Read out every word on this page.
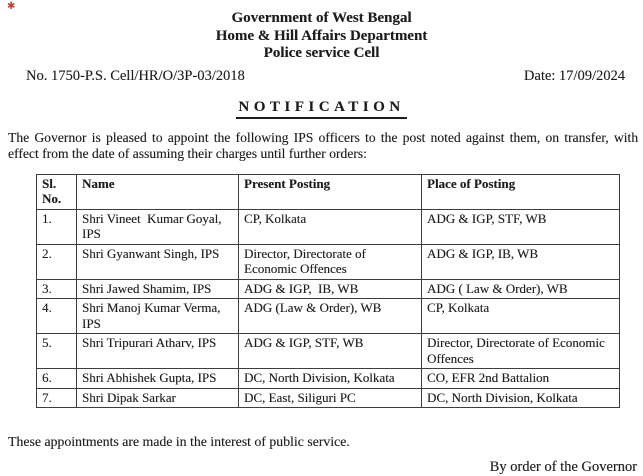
✱
Government of West Bengal
Home & Hill Affairs Department
Police service Cell
No. 1750-P.S. Cell/HR/O/3P-03/2018	Date: 17/09/2024
NOTIFICATION

The Governor is pleased to appoint the following IPS officers to the post noted against them, on transfer, with effect from the date of assuming their charges until further orders:

Sl. No.	Name	Present Posting	Place of Posting
1.	Shri Vineet  Kumar Goyal, IPS	CP, Kolkata	ADG & IGP, STF, WB
2.	Shri Gyanwant Singh, IPS	Director, Directorate of Economic Offences	ADG & IGP, IB, WB
3.	Shri Jawed Shamim, IPS	ADG & IGP,  IB, WB	ADG ( Law & Order), WB
4.	Shri Manoj Kumar Verma, IPS	ADG (Law & Order), WB	CP, Kolkata
5.	Shri Tripurari Atharv, IPS	ADG & IGP, STF, WB	Director, Directorate of Economic Offences
6.	Shri Abhishek Gupta, IPS	DC, North Division, Kolkata	CO, EFR 2nd Battalion
7.	Shri Dipak Sarkar	DC, East, Siliguri PC	DC, North Division, Kolkata

These appointments are made in the interest of public service.

By order of the Governor
